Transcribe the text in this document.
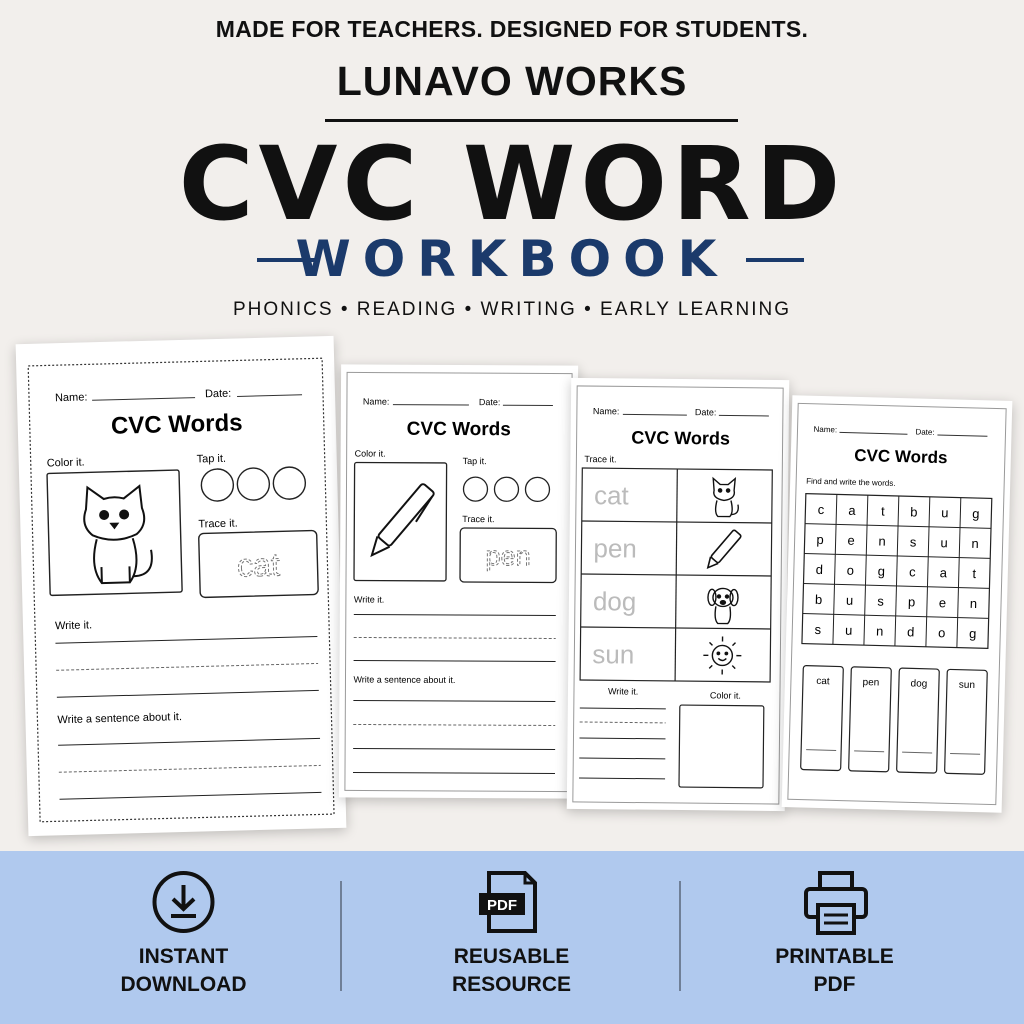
MADE FOR TEACHERS. DESIGNED FOR STUDENTS.
LUNAVO WORKS
CVC WORD
WORKBOOK
PHONICS • READING • WRITING • EARLY LEARNING
Name:	Date:
CVC Words
Color it.	Tap it.
Trace it.
cat
Write it.
Write a sentence about it.
Name:	Date:
CVC Words
Color it.
Tap it.
Trace it.
pen
Write it.
Write a sentence about it.
Name:	Date:
CVC Words
Trace it.
cat
pen
dog
sun
Write it.	Color it.
Name:	Date:
CVC Words
Find and write the words.
c a t b u g
p e n s u n
d o g c a t
b u s p e n
s u n d o g
cat	pen	dog	sun
INSTANT
DOWNLOAD
PDF
REUSABLE
RESOURCE
PRINTABLE
PDF
